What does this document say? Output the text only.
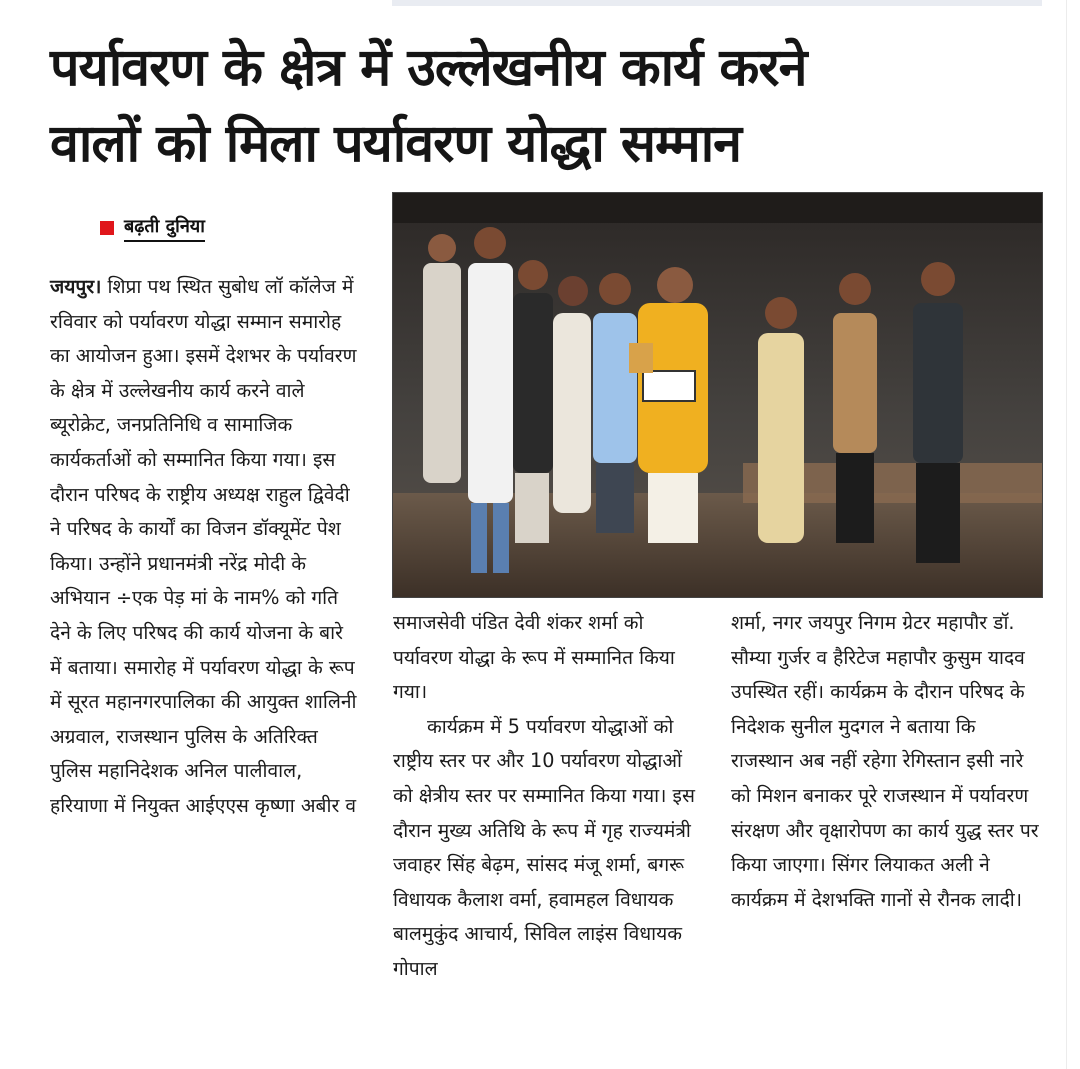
पर्यावरण के क्षेत्र में उल्लेखनीय कार्य करने
वालों को मिला पर्यावरण योद्धा सम्मान
बढ़ती दुनिया

जयपुर। शिप्रा पथ स्थित सुबोध लॉ कॉलेज में रविवार को पर्यावरण योद्धा सम्मान समारोह का आयोजन हुआ। इसमें देशभर के पर्यावरण के क्षेत्र में उल्लेखनीय कार्य करने वाले ब्यूरोक्रेट, जनप्रतिनिधि व सामाजिक कार्यकर्ताओं को सम्मानित किया गया। इस दौरान परिषद के राष्ट्रीय अध्यक्ष राहुल द्विवेदी ने परिषद के कार्यों का विजन डॉक्यूमेंट पेश किया। उन्होंने प्रधानमंत्री नरेंद्र मोदी के अभियान ÷एक पेड़ मां के नाम% को गति देने के लिए परिषद की कार्य योजना के बारे में बताया। समारोह में पर्यावरण योद्धा के रूप में सूरत महानगरपालिका की आयुक्त शालिनी अग्रवाल, राजस्थान पुलिस के अतिरिक्त पुलिस महानिदेशक अनिल पालीवाल, हरियाणा में नियुक्त आईएएस कृष्णा अबीर व

समाजसेवी पंडित देवी शंकर शर्मा को पर्यावरण योद्धा के रूप में सम्मानित किया गया।

कार्यक्रम में 5 पर्यावरण योद्धाओं को राष्ट्रीय स्तर पर और 10 पर्यावरण योद्धाओं को क्षेत्रीय स्तर पर सम्मानित किया गया। इस दौरान मुख्य अतिथि के रूप में गृह राज्यमंत्री जवाहर सिंह बेढ़म, सांसद मंजू शर्मा, बगरू विधायक कैलाश वर्मा, हवामहल विधायक बालमुकुंद आचार्य, सिविल लाइंस विधायक गोपाल

शर्मा, नगर जयपुर निगम ग्रेटर महापौर डॉ. सौम्या गुर्जर व हैरिटेज महापौर कुसुम यादव उपस्थित रहीं। कार्यक्रम के दौरान परिषद के निदेशक सुनील मुदगल ने बताया कि राजस्थान अब नहीं रहेगा रेगिस्तान इसी नारे को मिशन बनाकर पूरे राजस्थान में पर्यावरण संरक्षण और वृक्षारोपण का कार्य युद्ध स्तर पर किया जाएगा। सिंगर लियाकत अली ने कार्यक्रम में देशभक्ति गानों से रौनक लादी।
